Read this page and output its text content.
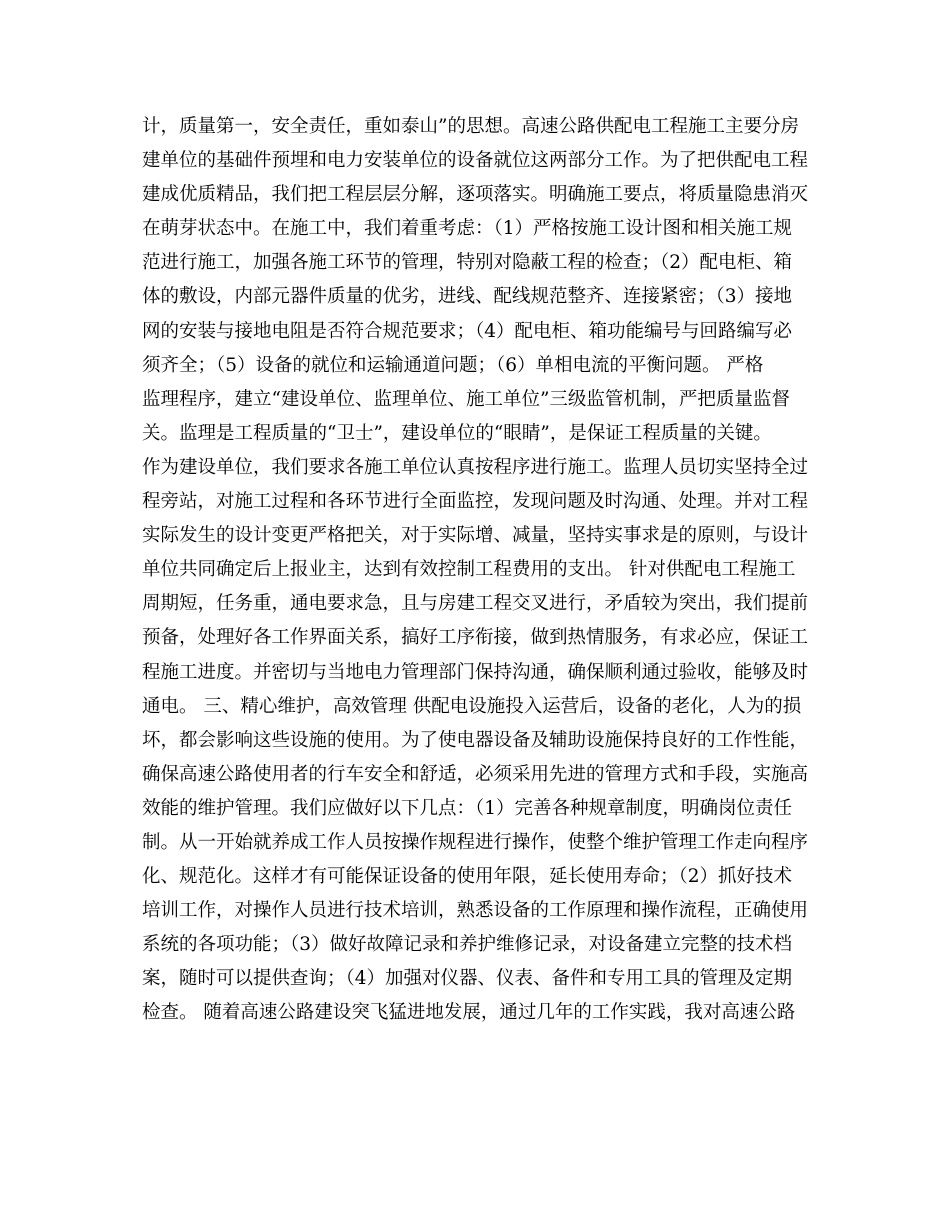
计，质量第一，安全责任，重如泰山”的思想。高速公路供配电工程施工主要分房
建单位的基础件预埋和电力安装单位的设备就位这两部分工作。为了把供配电工程
建成优质精品，我们把工程层层分解，逐项落实。明确施工要点，将质量隐患消灭
在萌芽状态中。在施工中，我们着重考虑：（1）严格按施工设计图和相关施工规
范进行施工，加强各施工环节的管理，特别对隐蔽工程的检查；（2）配电柜、箱
体的敷设，内部元器件质量的优劣，进线、配线规范整齐、连接紧密；（3）接地
网的安装与接地电阻是否符合规范要求；（4）配电柜、箱功能编号与回路编写必
须齐全；（5）设备的就位和运输通道问题；（6）单相电流的平衡问题。 严格
监理程序，建立“建设单位、监理单位、施工单位”三级监管机制，严把质量监督
关。监理是工程质量的“卫士”，建设单位的“眼睛”，是保证工程质量的关键。
作为建设单位，我们要求各施工单位认真按程序进行施工。监理人员切实坚持全过
程旁站，对施工过程和各环节进行全面监控，发现问题及时沟通、处理。并对工程
实际发生的设计变更严格把关，对于实际增、减量，坚持实事求是的原则，与设计
单位共同确定后上报业主，达到有效控制工程费用的支出。 针对供配电工程施工
周期短，任务重，通电要求急，且与房建工程交叉进行，矛盾较为突出，我们提前
预备，处理好各工作界面关系，搞好工序衔接，做到热情服务，有求必应，保证工
程施工进度。并密切与当地电力管理部门保持沟通，确保顺利通过验收，能够及时
通电。 三、精心维护，高效管理 供配电设施投入运营后，设备的老化，人为的损
坏，都会影响这些设施的使用。为了使电器设备及辅助设施保持良好的工作性能，
确保高速公路使用者的行车安全和舒适，必须采用先进的管理方式和手段，实施高
效能的维护管理。我们应做好以下几点：（1）完善各种规章制度，明确岗位责任
制。从一开始就养成工作人员按操作规程进行操作，使整个维护管理工作走向程序
化、规范化。这样才有可能保证设备的使用年限，延长使用寿命；（2）抓好技术
培训工作，对操作人员进行技术培训，熟悉设备的工作原理和操作流程，正确使用
系统的各项功能；（3）做好故障记录和养护维修记录，对设备建立完整的技术档
案，随时可以提供查询；（4）加强对仪器、仪表、备件和专用工具的管理及定期
检查。 随着高速公路建设突飞猛进地发展，通过几年的工作实践，我对高速公路
